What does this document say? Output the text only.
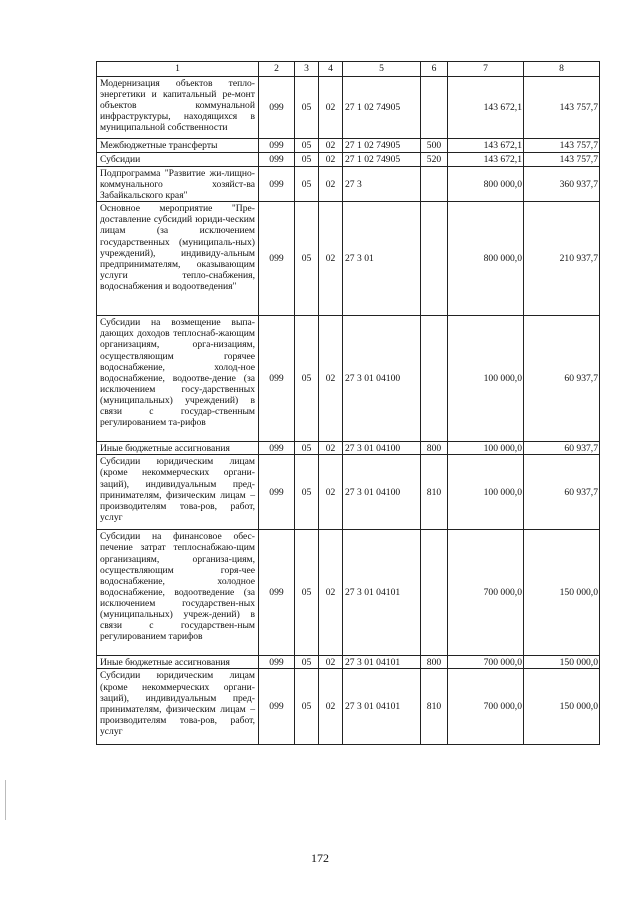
1	2	3	4	5	6	7	8
Модернизация объектов тепло-энергетики и капитальный ре-монт объектов коммунальной инфраструктуры, находящихся в муниципальной собственности	099	05	02	27 1 02 74905		143 672,1	143 757,7
Межбюджетные трансферты	099	05	02	27 1 02 74905	500	143 672,1	143 757,7
Субсидии	099	05	02	27 1 02 74905	520	143 672,1	143 757,7
Подпрограмма "Развитие жи-лищно-коммунального хозяйст-ва Забайкальского края"	099	05	02	27 3		800 000,0	360 937,7
Основное мероприятие "Пре-доставление субсидий юриди-ческим лицам (за исключением государственных (муниципаль-ных) учреждений), индивиду-альным предпринимателям, оказывающим услуги тепло-снабжения, водоснабжения и водоотведения"	099	05	02	27 3 01		800 000,0	210 937,7
Субсидии на возмещение выпа-дающих доходов теплоснаб-жающим организациям, орга-низациям, осуществляющим горячее водоснабжение, холод-ное водоснабжение, водоотве-дение (за исключением госу-дарственных (муниципальных) учреждений) в связи с государ-ственным регулированием та-рифов	099	05	02	27 3 01 04100		100 000,0	60 937,7
Иные бюджетные ассигнования	099	05	02	27 3 01 04100	800	100 000,0	60 937,7
Субсидии юридическим лицам (кроме некоммерческих органи-заций), индивидуальным пред-принимателям, физическим лицам – производителям това-ров, работ, услуг	099	05	02	27 3 01 04100	810	100 000,0	60 937,7
Субсидии на финансовое обес-печение затрат теплоснабжаю-щим организациям, организа-циям, осуществляющим горя-чее водоснабжение, холодное водоснабжение, водоотведение (за исключением государствен-ных (муниципальных) учреж-дений) в связи с государствен-ным регулированием тарифов	099	05	02	27 3 01 04101		700 000,0	150 000,0
Иные бюджетные ассигнования	099	05	02	27 3 01 04101	800	700 000,0	150 000,0
Субсидии юридическим лицам (кроме некоммерческих органи-заций), индивидуальным пред-принимателям, физическим лицам – производителям това-ров, работ, услуг	099	05	02	27 3 01 04101	810	700 000,0	150 000,0
172
